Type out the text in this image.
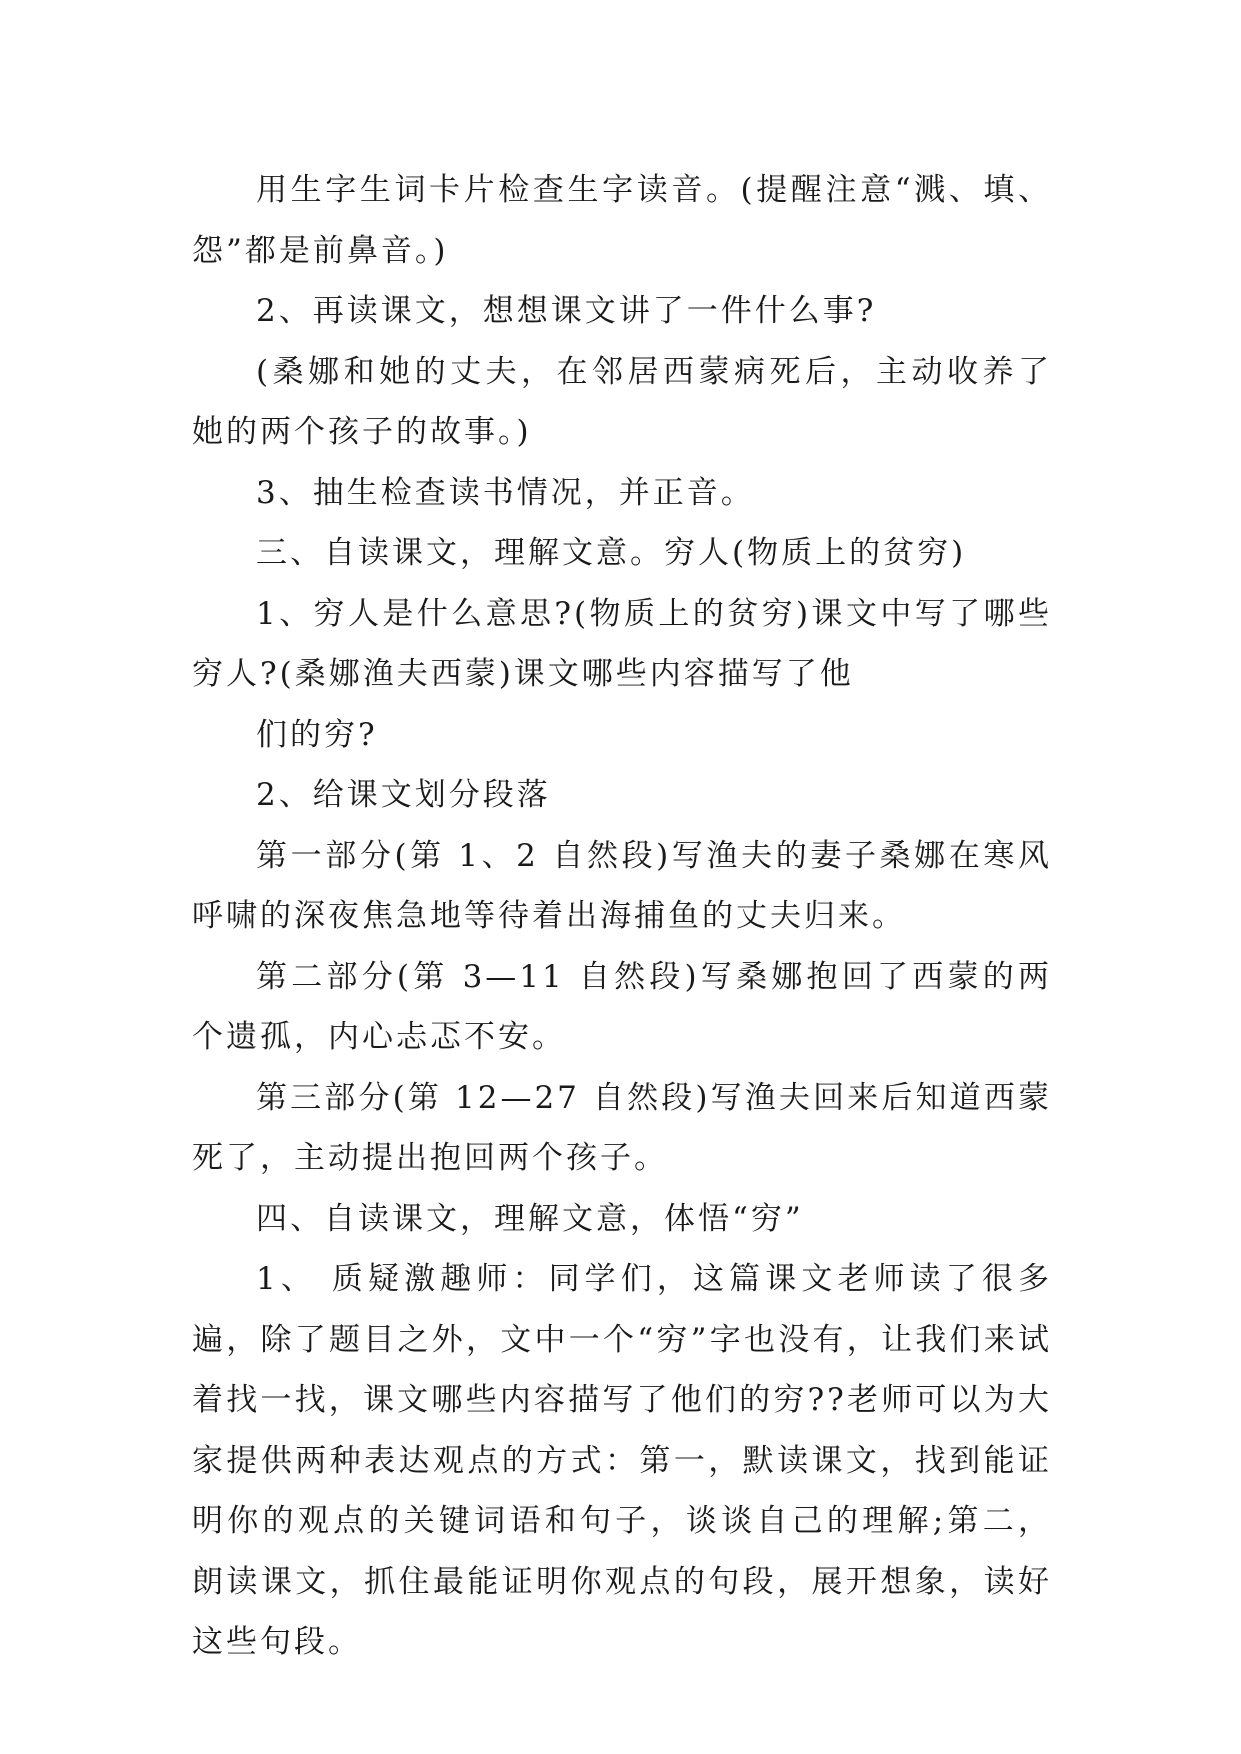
用生字生词卡片检查生字读音。(提醒注意“溅、填、怨”都是前鼻音。)

2、再读课文，想想课文讲了一件什么事?

(桑娜和她的丈夫，在邻居西蒙病死后，主动收养了她的两个孩子的故事。)

3、抽生检查读书情况，并正音。

三、自读课文，理解文意。穷人(物质上的贫穷)

1、穷人是什么意思?(物质上的贫穷)课文中写了哪些穷人?(桑娜渔夫西蒙)课文哪些内容描写了他

们的穷?

2、给课文划分段落

第一部分(第 1、2 自然段)写渔夫的妻子桑娜在寒风呼啸的深夜焦急地等待着出海捕鱼的丈夫归来。

第二部分(第 3—11 自然段)写桑娜抱回了西蒙的两个遗孤，内心忐忑不安。

第三部分(第 12—27 自然段)写渔夫回来后知道西蒙死了，主动提出抱回两个孩子。

四、自读课文，理解文意，体悟“穷”

1、 质疑激趣师：同学们，这篇课文老师读了很多遍，除了题目之外，文中一个“穷”字也没有，让我们来试着找一找，课文哪些内容描写了他们的穷??老师可以为大家提供两种表达观点的方式：第一，默读课文，找到能证明你的观点的关键词语和句子，谈谈自己的理解;第二，朗读课文，抓住最能证明你观点的句段，展开想象，读好这些句段。
